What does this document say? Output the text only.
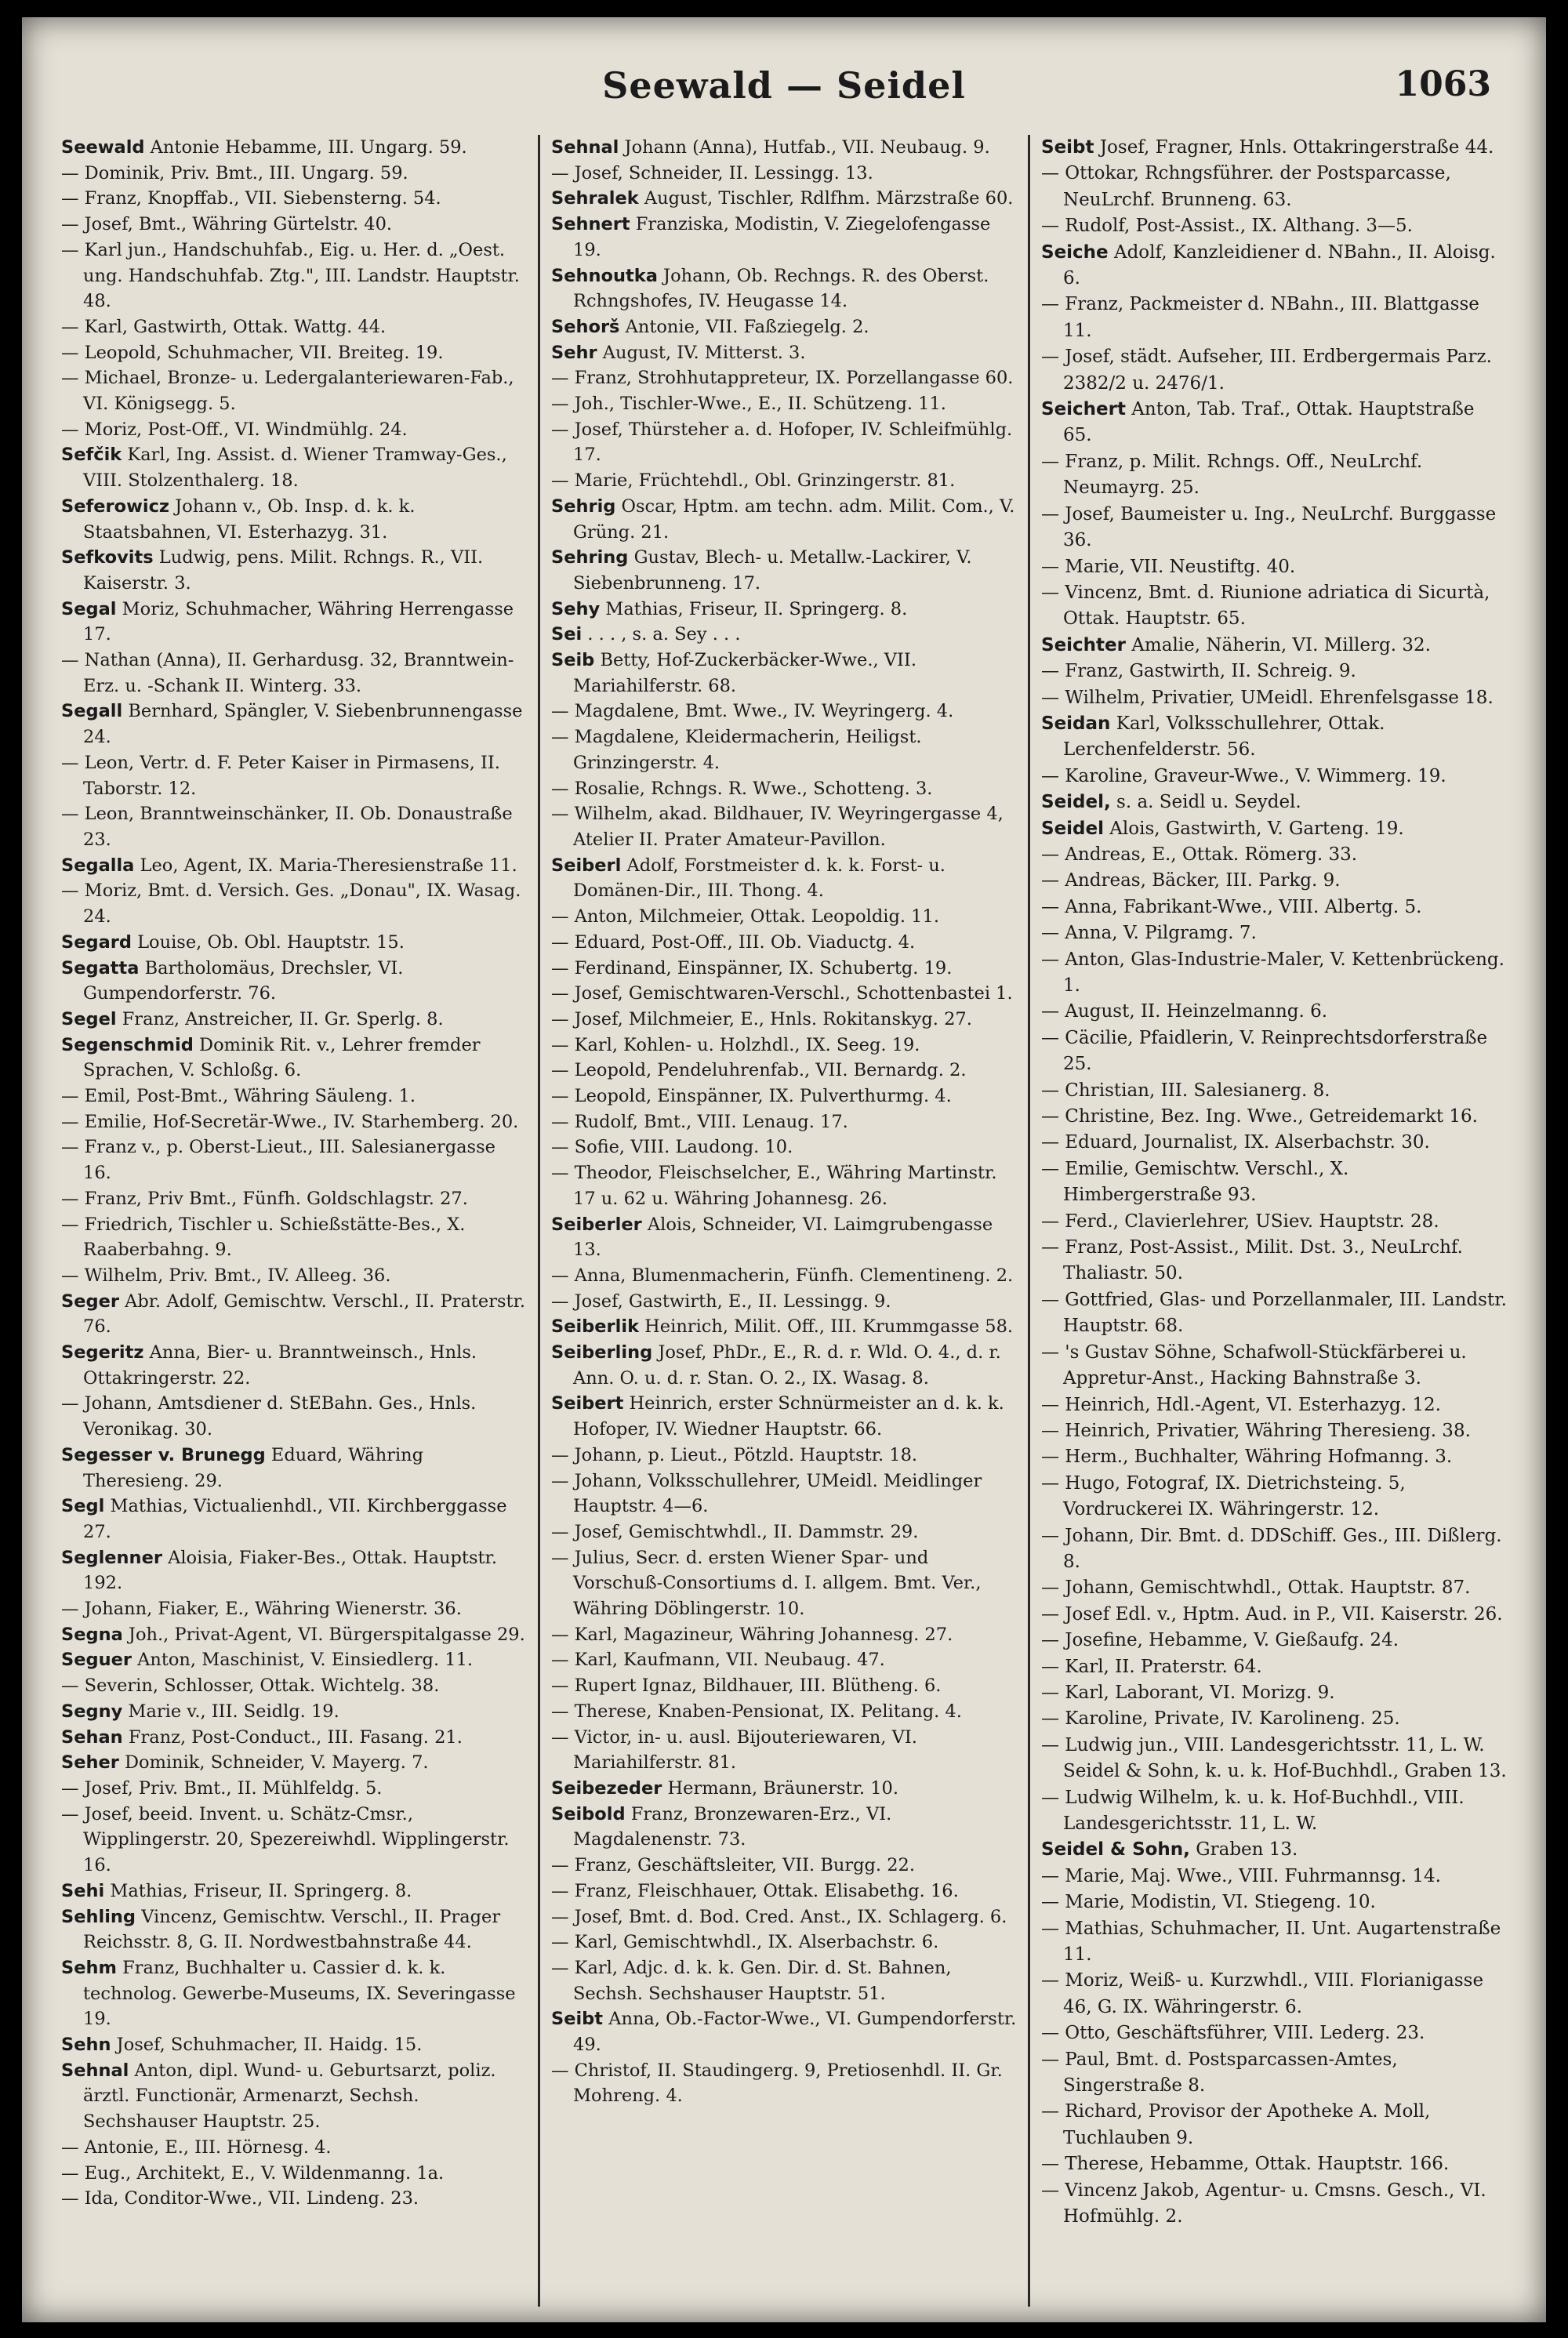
Seewald — Seidel	1063

Seewald Antonie Hebamme, III. Ungarg. 59.

— Dominik, Priv. Bmt., III. Ungarg. 59.

— Franz, Knopffab., VII. Siebensterng. 54.

— Josef, Bmt., Währing Gürtelstr. 40.

— Karl jun., Handschuhfab., Eig. u. Her. d. „Oest. ung. Handschuhfab. Ztg.", III. Landstr. Hauptstr. 48.

— Karl, Gastwirth, Ottak. Wattg. 44.

— Leopold, Schuhmacher, VII. Breiteg. 19.

— Michael, Bronze- u. Ledergalanteriewaren-Fab., VI. Königsegg. 5.

— Moriz, Post-Off., VI. Windmühlg. 24.

Sefčik Karl, Ing. Assist. d. Wiener Tramway-Ges., VIII. Stolzenthalerg. 18.

Seferowicz Johann v., Ob. Insp. d. k. k. Staatsbahnen, VI. Esterhazyg. 31.

Sefkovits Ludwig, pens. Milit. Rchngs. R., VII. Kaiserstr. 3.

Segal Moriz, Schuhmacher, Währing Herrengasse 17.

— Nathan (Anna), II. Gerhardusg. 32, Branntwein-Erz. u. -Schank II. Winterg. 33.

Segall Bernhard, Spängler, V. Siebenbrunnengasse 24.

— Leon, Vertr. d. F. Peter Kaiser in Pirmasens, II. Taborstr. 12.

— Leon, Branntweinschänker, II. Ob. Donaustraße 23.

Segalla Leo, Agent, IX. Maria-Theresienstraße 11.

— Moriz, Bmt. d. Versich. Ges. „Donau", IX. Wasag. 24.

Segard Louise, Ob. Obl. Hauptstr. 15.

Segatta Bartholomäus, Drechsler, VI. Gumpendorferstr. 76.

Segel Franz, Anstreicher, II. Gr. Sperlg. 8.

Segenschmid Dominik Rit. v., Lehrer fremder Sprachen, V. Schloßg. 6.

— Emil, Post-Bmt., Währing Säuleng. 1.

— Emilie, Hof-Secretär-Wwe., IV. Starhemberg. 20.

— Franz v., p. Oberst-Lieut., III. Salesianergasse 16.

— Franz, Priv Bmt., Fünfh. Goldschlagstr. 27.

— Friedrich, Tischler u. Schießstätte-Bes., X. Raaberbahng. 9.

— Wilhelm, Priv. Bmt., IV. Alleeg. 36.

Seger Abr. Adolf, Gemischtw. Verschl., II. Praterstr. 76.

Segeritz Anna, Bier- u. Branntweinsch., Hnls. Ottakringerstr. 22.

— Johann, Amtsdiener d. StEBahn. Ges., Hnls. Veronikag. 30.

Segesser v. Brunegg Eduard, Währing Theresieng. 29.

Segl Mathias, Victualienhdl., VII. Kirchberggasse 27.

Seglenner Aloisia, Fiaker-Bes., Ottak. Hauptstr. 192.

— Johann, Fiaker, E., Währing Wienerstr. 36.

Segna Joh., Privat-Agent, VI. Bürgerspitalgasse 29.

Seguer Anton, Maschinist, V. Einsiedlerg. 11.

— Severin, Schlosser, Ottak. Wichtelg. 38.

Segny Marie v., III. Seidlg. 19.

Sehan Franz, Post-Conduct., III. Fasang. 21.

Seher Dominik, Schneider, V. Mayerg. 7.

— Josef, Priv. Bmt., II. Mühlfeldg. 5.

— Josef, beeid. Invent. u. Schätz-Cmsr., Wipplingerstr. 20, Spezereiwhdl. Wipplingerstr. 16.

Sehi Mathias, Friseur, II. Springerg. 8.

Sehling Vincenz, Gemischtw. Verschl., II. Prager Reichsstr. 8, G. II. Nordwestbahnstraße 44.

Sehm Franz, Buchhalter u. Cassier d. k. k. technolog. Gewerbe-Museums, IX. Severingasse 19.

Sehn Josef, Schuhmacher, II. Haidg. 15.

Sehnal Anton, dipl. Wund- u. Geburtsarzt, poliz. ärztl. Functionär, Armenarzt, Sechsh. Sechshauser Hauptstr. 25.

— Antonie, E., III. Hörnesg. 4.

— Eug., Architekt, E., V. Wildenmanng. 1a.

— Ida, Conditor-Wwe., VII. Lindeng. 23.

Sehnal Johann (Anna), Hutfab., VII. Neubaug. 9.

— Josef, Schneider, II. Lessingg. 13.

Sehralek August, Tischler, Rdlfhm. Märzstraße 60.

Sehnert Franziska, Modistin, V. Ziegelofengasse 19.

Sehnoutka Johann, Ob. Rechngs. R. des Oberst. Rchngshofes, IV. Heugasse 14.

Sehorš Antonie, VII. Faßziegelg. 2.

Sehr August, IV. Mitterst. 3.

— Franz, Strohhutappreteur, IX. Porzellangasse 60.

— Joh., Tischler-Wwe., E., II. Schützeng. 11.

— Josef, Thürsteher a. d. Hofoper, IV. Schleifmühlg. 17.

— Marie, Früchtehdl., Obl. Grinzingerstr. 81.

Sehrig Oscar, Hptm. am techn. adm. Milit. Com., V. Grüng. 21.

Sehring Gustav, Blech- u. Metallw.-Lackirer, V. Siebenbrunneng. 17.

Sehy Mathias, Friseur, II. Springerg. 8.

Sei . . . , s. a. Sey . . .

Seib Betty, Hof-Zuckerbäcker-Wwe., VII. Mariahilferstr. 68.

— Magdalene, Bmt. Wwe., IV. Weyringerg. 4.

— Magdalene, Kleidermacherin, Heiligst. Grinzingerstr. 4.

— Rosalie, Rchngs. R. Wwe., Schotteng. 3.

— Wilhelm, akad. Bildhauer, IV. Weyringergasse 4, Atelier II. Prater Amateur-Pavillon.

Seiberl Adolf, Forstmeister d. k. k. Forst- u. Domänen-Dir., III. Thong. 4.

— Anton, Milchmeier, Ottak. Leopoldig. 11.

— Eduard, Post-Off., III. Ob. Viaductg. 4.

— Ferdinand, Einspänner, IX. Schubertg. 19.

— Josef, Gemischtwaren-Verschl., Schottenbastei 1.

— Josef, Milchmeier, E., Hnls. Rokitanskyg. 27.

— Karl, Kohlen- u. Holzhdl., IX. Seeg. 19.

— Leopold, Pendeluhrenfab., VII. Bernardg. 2.

— Leopold, Einspänner, IX. Pulverthurmg. 4.

— Rudolf, Bmt., VIII. Lenaug. 17.

— Sofie, VIII. Laudong. 10.

— Theodor, Fleischselcher, E., Währing Martinstr. 17 u. 62 u. Währing Johannesg. 26.

Seiberler Alois, Schneider, VI. Laimgrubengasse 13.

— Anna, Blumenmacherin, Fünfh. Clementineng. 2.

— Josef, Gastwirth, E., II. Lessingg. 9.

Seiberlik Heinrich, Milit. Off., III. Krummgasse 58.

Seiberling Josef, PhDr., E., R. d. r. Wld. O. 4., d. r. Ann. O. u. d. r. Stan. O. 2., IX. Wasag. 8.

Seibert Heinrich, erster Schnürmeister an d. k. k. Hofoper, IV. Wiedner Hauptstr. 66.

— Johann, p. Lieut., Pötzld. Hauptstr. 18.

— Johann, Volksschullehrer, UMeidl. Meidlinger Hauptstr. 4—6.

— Josef, Gemischtwhdl., II. Dammstr. 29.

— Julius, Secr. d. ersten Wiener Spar- und Vorschuß-Consortiums d. I. allgem. Bmt. Ver., Währing Döblingerstr. 10.

— Karl, Magazineur, Währing Johannesg. 27.

— Karl, Kaufmann, VII. Neubaug. 47.

— Rupert Ignaz, Bildhauer, III. Blütheng. 6.

— Therese, Knaben-Pensionat, IX. Pelitang. 4.

— Victor, in- u. ausl. Bijouteriewaren, VI. Mariahilferstr. 81.

Seibezeder Hermann, Bräunerstr. 10.

Seibold Franz, Bronzewaren-Erz., VI. Magdalenenstr. 73.

— Franz, Geschäftsleiter, VII. Burgg. 22.

— Franz, Fleischhauer, Ottak. Elisabethg. 16.

— Josef, Bmt. d. Bod. Cred. Anst., IX. Schlagerg. 6.

— Karl, Gemischtwhdl., IX. Alserbachstr. 6.

— Karl, Adjc. d. k. k. Gen. Dir. d. St. Bahnen, Sechsh. Sechshauser Hauptstr. 51.

Seibt Anna, Ob.-Factor-Wwe., VI. Gumpendorferstr. 49.

— Christof, II. Staudingerg. 9, Pretiosenhdl. II. Gr. Mohreng. 4.

Seibt Josef, Fragner, Hnls. Ottakringerstraße 44.

— Ottokar, Rchngsführer. der Postsparcasse, NeuLrchf. Brunneng. 63.

— Rudolf, Post-Assist., IX. Althang. 3—5.

Seiche Adolf, Kanzleidiener d. NBahn., II. Aloisg. 6.

— Franz, Packmeister d. NBahn., III. Blattgasse 11.

— Josef, städt. Aufseher, III. Erdbergermais Parz. 2382/2 u. 2476/1.

Seichert Anton, Tab. Traf., Ottak. Hauptstraße 65.

— Franz, p. Milit. Rchngs. Off., NeuLrchf. Neumayrg. 25.

— Josef, Baumeister u. Ing., NeuLrchf. Burggasse 36.

— Marie, VII. Neustiftg. 40.

— Vincenz, Bmt. d. Riunione adriatica di Sicurtà, Ottak. Hauptstr. 65.

Seichter Amalie, Näherin, VI. Millerg. 32.

— Franz, Gastwirth, II. Schreig. 9.

— Wilhelm, Privatier, UMeidl. Ehrenfelsgasse 18.

Seidan Karl, Volksschullehrer, Ottak. Lerchenfelderstr. 56.

— Karoline, Graveur-Wwe., V. Wimmerg. 19.

Seidel, s. a. Seidl u. Seydel.

Seidel Alois, Gastwirth, V. Garteng. 19.

— Andreas, E., Ottak. Römerg. 33.

— Andreas, Bäcker, III. Parkg. 9.

— Anna, Fabrikant-Wwe., VIII. Albertg. 5.

— Anna, V. Pilgramg. 7.

— Anton, Glas-Industrie-Maler, V. Kettenbrückeng. 1.

— August, II. Heinzelmanng. 6.

— Cäcilie, Pfaidlerin, V. Reinprechtsdorferstraße 25.

— Christian, III. Salesianerg. 8.

— Christine, Bez. Ing. Wwe., Getreidemarkt 16.

— Eduard, Journalist, IX. Alserbachstr. 30.

— Emilie, Gemischtw. Verschl., X. Himbergerstraße 93.

— Ferd., Clavierlehrer, USiev. Hauptstr. 28.

— Franz, Post-Assist., Milit. Dst. 3., NeuLrchf. Thaliastr. 50.

— Gottfried, Glas- und Porzellanmaler, III. Landstr. Hauptstr. 68.

— 's Gustav Söhne, Schafwoll-Stückfärberei u. Appretur-Anst., Hacking Bahnstraße 3.

— Heinrich, Hdl.-Agent, VI. Esterhazyg. 12.

— Heinrich, Privatier, Währing Theresieng. 38.

— Herm., Buchhalter, Währing Hofmanng. 3.

— Hugo, Fotograf, IX. Dietrichsteing. 5, Vordruckerei IX. Währingerstr. 12.

— Johann, Dir. Bmt. d. DDSchiff. Ges., III. Dißlerg. 8.

— Johann, Gemischtwhdl., Ottak. Hauptstr. 87.

— Josef Edl. v., Hptm. Aud. in P., VII. Kaiserstr. 26.

— Josefine, Hebamme, V. Gießaufg. 24.

— Karl, II. Praterstr. 64.

— Karl, Laborant, VI. Morizg. 9.

— Karoline, Private, IV. Karolineng. 25.

— Ludwig jun., VIII. Landesgerichtsstr. 11, L. W. Seidel & Sohn, k. u. k. Hof-Buchhdl., Graben 13.

— Ludwig Wilhelm, k. u. k. Hof-Buchhdl., VIII. Landesgerichtsstr. 11, L. W.

Seidel & Sohn, Graben 13.

— Marie, Maj. Wwe., VIII. Fuhrmannsg. 14.

— Marie, Modistin, VI. Stiegeng. 10.

— Mathias, Schuhmacher, II. Unt. Augartenstraße 11.

— Moriz, Weiß- u. Kurzwhdl., VIII. Florianigasse 46, G. IX. Währingerstr. 6.

— Otto, Geschäftsführer, VIII. Lederg. 23.

— Paul, Bmt. d. Postsparcassen-Amtes, Singerstraße 8.

— Richard, Provisor der Apotheke A. Moll, Tuchlauben 9.

— Therese, Hebamme, Ottak. Hauptstr. 166.

— Vincenz Jakob, Agentur- u. Cmsns. Gesch., VI. Hofmühlg. 2.
